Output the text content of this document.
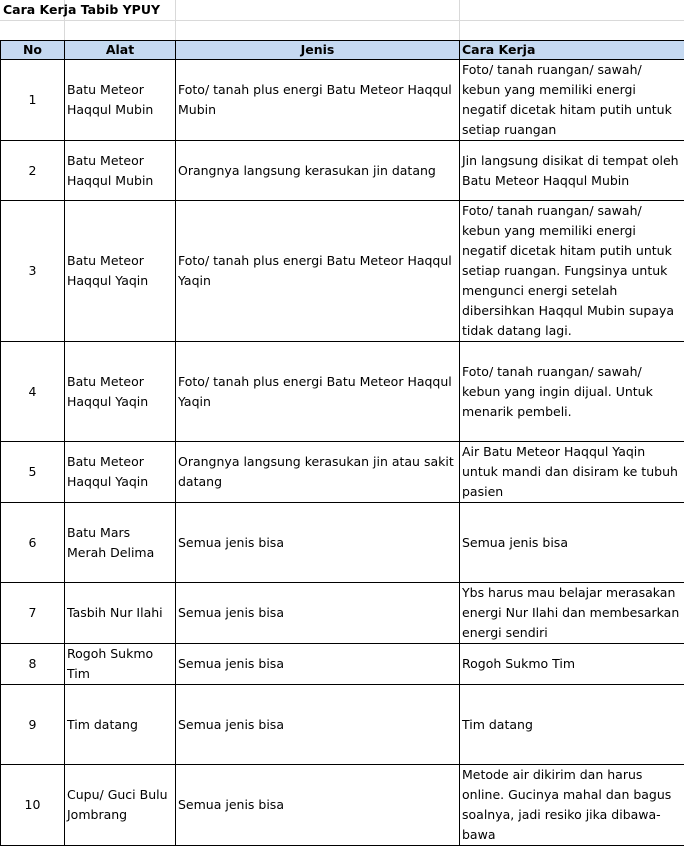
Cara Kerja Tabib YPUY
No	Alat	Jenis	Cara Kerja
1	Batu Meteor Haqqul Mubin	Foto/ tanah plus energi Batu Meteor Haqqul Mubin	Foto/ tanah ruangan/ sawah/ kebun yang memiliki energi negatif dicetak hitam putih untuk setiap ruangan
2	Batu Meteor Haqqul Mubin	Orangnya langsung kerasukan jin datang	Jin langsung disikat di tempat oleh Batu Meteor Haqqul Mubin
3	Batu Meteor Haqqul Yaqin	Foto/ tanah plus energi Batu Meteor Haqqul Yaqin	Foto/ tanah ruangan/ sawah/ kebun yang memiliki energi negatif dicetak hitam putih untuk setiap ruangan. Fungsinya untuk mengunci energi setelah dibersihkan Haqqul Mubin supaya tidak datang lagi.
4	Batu Meteor Haqqul Yaqin	Foto/ tanah plus energi Batu Meteor Haqqul Yaqin	Foto/ tanah ruangan/ sawah/ kebun yang ingin dijual. Untuk menarik pembeli.
5	Batu Meteor Haqqul Yaqin	Orangnya langsung kerasukan jin atau sakit datang	Air Batu Meteor Haqqul Yaqin untuk mandi dan disiram ke tubuh pasien
6	Batu Mars Merah Delima	Semua jenis bisa	Semua jenis bisa
7	Tasbih Nur Ilahi	Semua jenis bisa	Ybs harus mau belajar merasakan energi Nur Ilahi dan membesarkan energi sendiri
8	Rogoh Sukmo Tim	Semua jenis bisa	Rogoh Sukmo Tim
9	Tim datang	Semua jenis bisa	Tim datang
10	Cupu/ Guci Bulu Jombrang	Semua jenis bisa	Metode air dikirim dan harus online. Gucinya mahal dan bagus soalnya, jadi resiko jika dibawa-bawa
